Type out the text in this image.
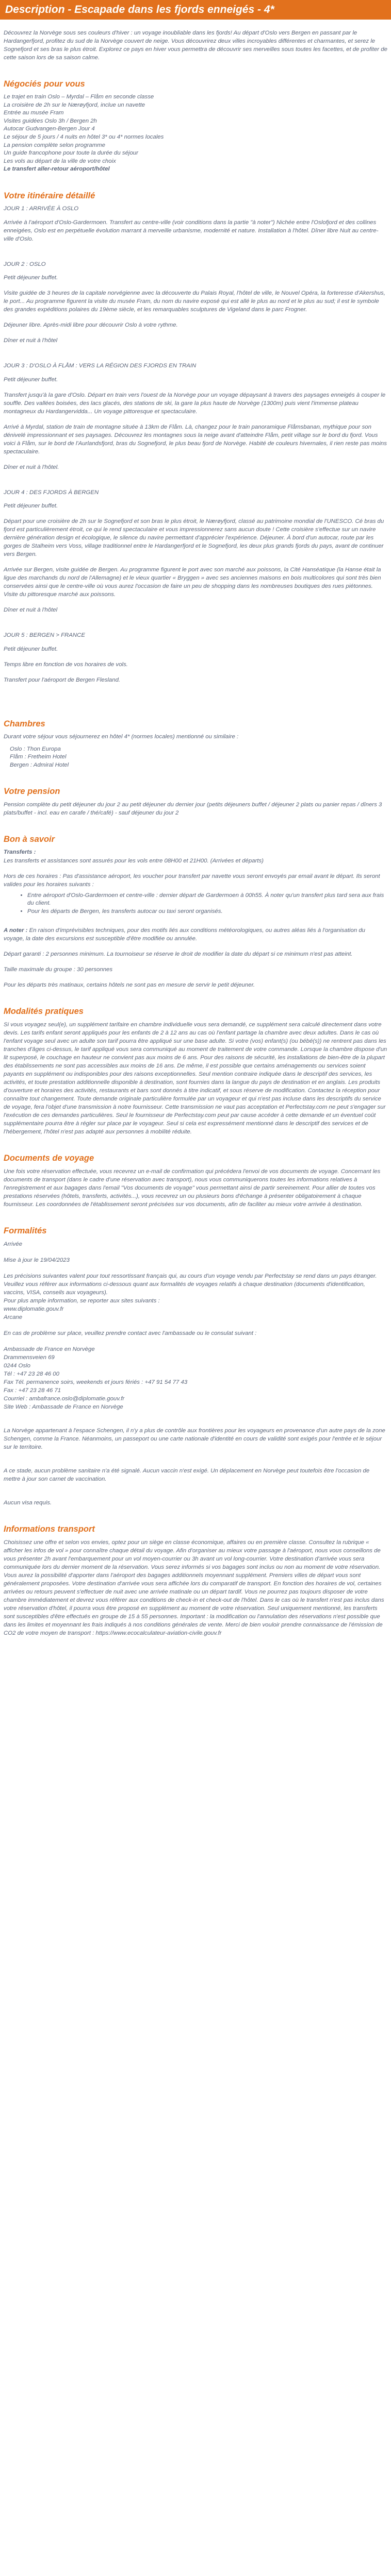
Description - Escapade dans les fjords enneigés - 4*

Découvrez la Norvège sous ses couleurs d'hiver : un voyage inoubliable dans les fjords! Au départ d'Oslo vers Bergen en passant par le Hardangerfjord, profitez du sud de la Norvège couvert de neige. Vous découvrirez deux villes incroyables différentes et charmantes, et serez le Sognefjord et ses bras le plus étroit. Explorez ce pays en hiver vous permettra de découvrir ses merveilles sous toutes les facettes, et de profiter de cette saison lors de sa saison calme.

Négociés pour vous

Le trajet en train Oslo – Myrdal – Flåm en seconde classe

La croisière de 2h sur le Nærøyfjord, inclue un navette

Entrée au musée Fram

Visites guidées Oslo 3h / Bergen 2h

Autocar Gudvangen-Bergen Jour 4

Le séjour de 5 jours / 4 nuits en hôtel 3* ou 4* normes locales

La pension complète selon programme

Un guide francophone pour toute la durée du séjour

Les vols au départ de la ville de votre choix

Le transfert aller-retour aéroport/hôtel

Votre itinéraire détaillé

JOUR 1 : ARRIVÉE À OSLO

Arrivée à l'aéroport d'Oslo-Gardermoen. Transfert au centre-ville (voir conditions dans la partie "à noter") Nichée entre l'Oslofjord et des collines enneigées, Oslo est en perpétuelle évolution marrant à merveille urbanisme, modernité et nature. Installation à l'hôtel. Dîner libre Nuit au centre-ville d'Oslo.

JOUR 2 : OSLO

Petit déjeuner buffet.

Visite guidée de 3 heures de la capitale norvégienne avec la découverte du Palais Royal, l'hôtel de ville, le Nouvel Opéra, la forteresse d'Akershus, le port... Au programme figurent la visite du musée Fram, du nom du navire exposé qui est allé le plus au nord et le plus au sud; il est le symbole des grandes expéditions polaires du 19ème siècle, et les remarquables sculptures de Vigeland dans le parc Frogner.

Déjeuner libre. Après-midi libre pour découvrir Oslo à votre rythme.

Dîner et nuit à l'hôtel

JOUR 3 : D'OSLO À FLÅM : VERS LA RÉGION DES FJORDS EN TRAIN

Petit déjeuner buffet.

Transfert jusqu'à la gare d'Oslo. Départ en train vers l'ouest de la Norvège pour un voyage dépaysant à travers des paysages enneigés à couper le souffle. Des vallées boisées, des lacs glacés, des stations de ski, la gare la plus haute de Norvège (1300m) puis vient l'immense plateau montagneux du Hardangervidda... Un voyage pittoresque et spectaculaire.

Arrivé à Myrdal, station de train de montagne située à 13km de Flåm. Là, changez pour le train panoramique Flåmsbanan, mythique pour son dénivelé impressionnant et ses paysages. Découvrez les montagnes sous la neige avant d'atteindre Flåm, petit village sur le bord du fjord. Vous voici à Flåm, sur le bord de l'Aurlandsfjord, bras du Sognefjord, le plus beau fjord de Norvège. Habité de couleurs hivernales, il rien reste pas moins spectaculaire.

Dîner et nuit à l'hôtel.

JOUR 4 : DES FJORDS À BERGEN

Petit déjeuner buffet.

Départ pour une croisière de 2h sur le Sognefjord et son bras le plus étroit, le Nærøyfjord, classé au patrimoine mondial de l'UNESCO. Cé bras du fjord est particulièrement étroit, ce qui le rend spectaculaire et vous impressionnerez sans aucun doute ! Cette croisière s'effectue sur un navire dernière génération design et écologique, le silence du navire permettant d'apprécier l'expérience. Déjeuner. À bord d'un autocar, route par les gorges de Stalheim vers Voss, village traditionnel entre le Hardangerfjord et le Sognefjord, les deux plus grands fjords du pays, avant de continuer vers Bergen.

Arrivée sur Bergen, visite guidée de Bergen. Au programme figurent le port avec son marché aux poissons, la Cité Hanséatique (la Hanse était la ligue des marchands du nord de l'Allemagne) et le vieux quartier « Bryggen » avec ses anciennes maisons en bois multicolores qui sont très bien conservées ainsi que le centre-ville où vous aurez l'occasion de faire un peu de shopping dans les nombreuses boutiques des rues piétonnes. Visite du pittoresque marché aux poissons.

Dîner et nuit à l'hôtel

JOUR 5 : BERGEN > FRANCE

Petit déjeuner buffet.

Temps libre en fonction de vos horaires de vols.

Transfert pour l'aéroport de Bergen Flesland.

Chambres

Durant votre séjour vous séjournerez en hôtel 4* (normes locales) mentionné ou similaire :

Oslo : Thon Europa

Flåm : Fretheim Hotel

Bergen : Admiral Hotel

Votre pension

Pension complète du petit déjeuner du jour 2 au petit déjeuner du dernier jour (petits déjeuners buffet / déjeuner 2 plats ou panier repas / dîners 3 plats/buffet - incl. eau en carafe / thé/café) - sauf déjeuner du jour 2

Bon à savoir

Transferts :

Les transferts et assistances sont assurés pour les vols entre 08H00 et 21H00. (Arrivées et départs)

Hors de ces horaires : Pas d'assistance aéroport, les voucher pour transfert par navette vous seront envoyés par email avant le départ. Ils seront valides pour les horaires suivants :

• Entre aéroport d'Oslo-Gardermoen et centre-ville : dernier départ de Gardermoen à 00h55. À noter qu'un transfert plus tard sera aux frais du client.
• Pour les départs de Bergen, les transferts autocar ou taxi seront organisés.

A noter : En raison d'imprévisibles techniques, pour des motifs liés aux conditions météorologiques, ou autres aléas liés à l'organisation du voyage, la date des excursions est susceptible d'être modifiée ou annulée.

Départ garanti : 2 personnes minimum. La tournoiseur se réserve le droit de modifier la date du départ si ce minimum n'est pas atteint.

Taille maximale du groupe : 30 personnes

Pour les départs très matinaux, certains hôtels ne sont pas en mesure de servir le petit déjeuner.

Modalités pratiques

Si vous voyagez seul(e), un supplément tarifaire en chambre individuelle vous sera demandé, ce supplément sera calculé directement dans votre devis. Les tarifs enfant seront appliqués pour les enfants de 2 à 12 ans au cas où l'enfant partage la chambre avec deux adultes. Dans le cas où l'enfant voyage seul avec un adulte son tarif pourra être appliqué sur une base adulte. Si votre (vos) enfant(s) (ou bébé(s)) ne rentrent pas dans les tranches d'âges ci-dessus, le tarif appliqué vous sera communiqué au moment de traitement de votre commande. Lorsque la chambre dispose d'un lit superposé, le couchage en hauteur ne convient pas aux moins de 6 ans. Pour des raisons de sécurité, les installations de bien-être de la plupart des établissements ne sont pas accessibles aux moins de 16 ans. De même, il est possible que certains aménagements ou services soient payants en supplément ou indisponibles pour des raisons exceptionnelles. Seul mention contraire indiquée dans le descriptif des services, les activités, et toute prestation additionnelle disponible à destination, sont fournies dans la langue du pays de destination et en anglais. Les produits d'ouverture et horaires des activités, restaurants et bars sont donnés à titre indicatif, et sous réserve de modification. Contactez la réception pour connaître tout changement. Toute demande originale particulière formulée par un voyageur et qui n'est pas incluse dans les descriptifs du service de voyage, fera l'objet d'une transmission à notre fournisseur. Cette transmission ne vaut pas acceptation et Perfectstay.com ne peut s'engager sur l'exécution de ces demandes particulières. Seul le fournisseur de Perfectstay.com peut par cause accéder à cette demande et un éventuel coût supplémentaire pourra être à régler sur place par le voyageur. Seul si cela est expressément mentionné dans le descriptif des services et de l'hébergement, l'hôtel n'est pas adapté aux personnes à mobilité réduite.

Documents de voyage

Une fois votre réservation effectuée, vous recevrez un e-mail de confirmation qui précédera l'envoi de vos documents de voyage. Concernant les documents de transport (dans le cadre d'une réservation avec transport), nous vous communiquerons toutes les informations relatives à l'enregistrement et aux bagages dans l'email "Vos documents de voyage" vous permettant ainsi de partir sereinement. Pour allier de toutes vos prestations réservées (hôtels, transferts, activités...), vous recevrez un ou plusieurs bons d'échange à présenter obligatoirement à chaque fournisseur. Les coordonnées de l'établissement seront précisées sur vos documents, afin de faciliter au mieux votre arrivée à destination.

Formalités

Arrivée

Mise à jour le 19/04/2023

Les précisions suivantes valent pour tout ressortissant français qui, au cours d'un voyage vendu par Perfectstay se rend dans un pays étranger.

Veuillez vous référer aux informations ci-dessous quant aux formalités de voyages relatifs à chaque destination (documents d'identification, vaccins, VISA, conseils aux voyageurs).

Pour plus ample information, se reporter aux sites suivants :

www.diplomatie.gouv.fr

Arcane

En cas de problème sur place, veuillez prendre contact avec l'ambassade ou le consulat suivant :

Ambassade de France en Norvège

Drammensveien 69

0244 Oslo

Tél : +47 23 28 46 00

Fax Tél. permanence soirs, weekends et jours fériés : +47 91 54 77 43

Fax : +47 23 28 46 71

Courriel : ambafrance.oslo@diplomatie.gouv.fr

Site Web : Ambassade de France en Norvège

La Norvège appartenant à l'espace Schengen, il n'y a plus de contrôle aux frontières pour les voyageurs en provenance d'un autre pays de la zone Schengen, comme la France. Néanmoins, un passeport ou une carte nationale d'identité en cours de validité sont exigés pour l'entrée et le séjour sur le territoire.

A ce stade, aucun problème sanitaire n'a été signalé. Aucun vaccin n'est exigé. Un déplacement en Norvège peut toutefois être l'occasion de mettre à jour son carnet de vaccination.

Aucun visa requis.

Informations transport

Choisissez une offre et selon vos envies, optez pour un siège en classe économique, affaires ou en première classe. Consultez la rubrique « afficher les infos de vol » pour connaître chaque détail du voyage. Afin d'organiser au mieux votre passage à l'aéroport, nous vous conseillons de vous présenter 2h avant l'embarquement pour un vol moyen-courrier ou 3h avant un vol long-courrier. Votre destination d'arrivée vous sera communiquée lors du dernier moment de la réservation. Vous serez informés si vos bagages sont inclus ou non au moment de votre réservation. Vous aurez la possibilité d'apporter dans l'aéroport des bagages additionnels moyennant supplément. Premiers villes de départ vous sont généralement proposées. Votre destination d'arrivée vous sera affichée lors du comparatif de transport. En fonction des horaires de vol, certaines arrivées ou retours peuvent s'effectuer de nuit avec une arrivée matinale ou un départ tardif. Vous ne pourrez pas toujours disposer de votre chambre immédiatement et devrez vous référer aux conditions de check-in et check-out de l'hôtel. Dans le cas où le transfert n'est pas inclus dans votre réservation d'hôtel, il pourra vous être proposé en supplément au moment de votre réservation. Seul uniquement mentionné, les transferts sont susceptibles d'être effectués en groupe de 15 à 55 personnes. Important : la modification ou l'annulation des réservations n'est possible que dans les limites et moyennant les frais indiqués à nos conditions générales de vente. Merci de bien vouloir prendre connaissance de l'émission de CO2 de votre moyen de transport : https://www.ecocalculateur-aviation-civile.gouv.fr
